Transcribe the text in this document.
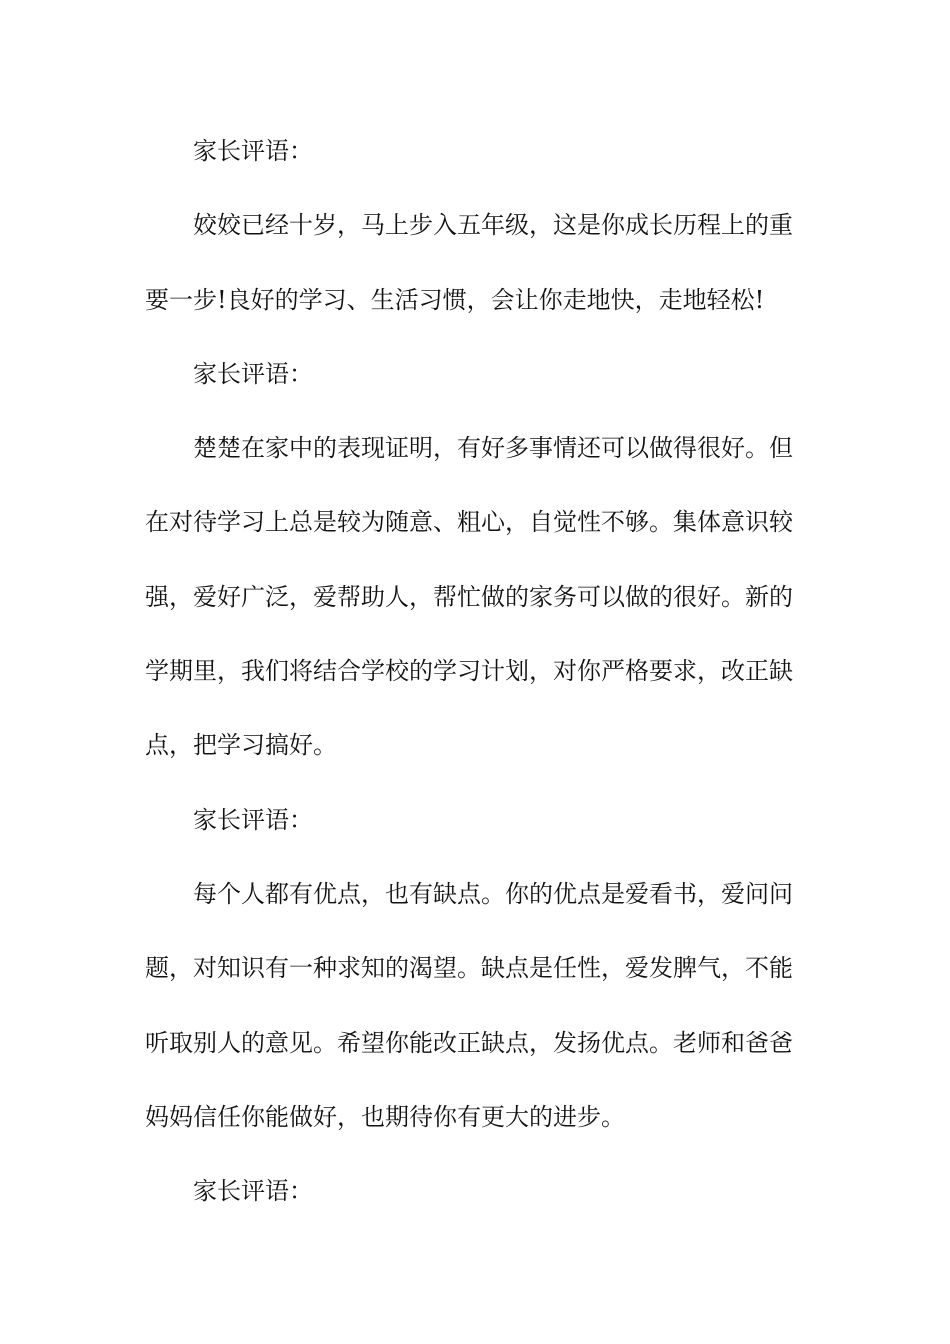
家长评语：
姣姣已经十岁，马上步入五年级，这是你成长历程上的重
要一步!良好的学习、生活习惯，会让你走地快，走地轻松!
家长评语：
楚楚在家中的表现证明，有好多事情还可以做得很好。但
在对待学习上总是较为随意、粗心，自觉性不够。集体意识较
强，爱好广泛，爱帮助人，帮忙做的家务可以做的很好。新的
学期里，我们将结合学校的学习计划，对你严格要求，改正缺
点，把学习搞好。
家长评语：
每个人都有优点，也有缺点。你的优点是爱看书，爱问问
题，对知识有一种求知的渴望。缺点是任性，爱发脾气，不能
听取别人的意见。希望你能改正缺点，发扬优点。老师和爸爸
妈妈信任你能做好，也期待你有更大的进步。
家长评语：
